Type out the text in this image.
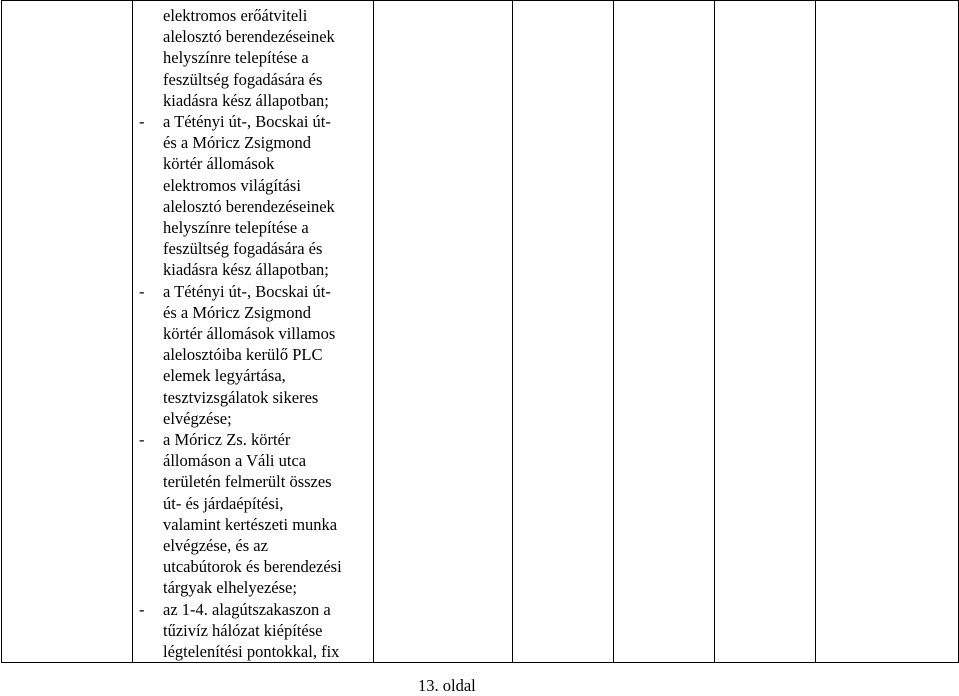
elektromos erőátviteli
alelosztó berendezéseinek
helyszínre telepítése a
feszültség fogadására és
kiadásra kész állapotban;
-	a Tétényi út-, Bocskai út-
és a Móricz Zsigmond
körtér állomások
elektromos világítási
alelosztó berendezéseinek
helyszínre telepítése a
feszültség fogadására és
kiadásra kész állapotban;
-	a Tétényi út-, Bocskai út-
és a Móricz Zsigmond
körtér állomások villamos
alelosztóiba kerülő PLC
elemek legyártása,
tesztvizsgálatok sikeres
elvégzése;
-	a Móricz Zs. körtér
állomáson a Váli utca
területén felmerült összes
út- és járdaépítési,
valamint kertészeti munka
elvégzése, és az
utcabútorok és berendezési
tárgyak elhelyezése;
-	az 1-4. alagútszakaszon a
tűzivíz hálózat kiépítése
légtelenítési pontokkal, fix

13. oldal
